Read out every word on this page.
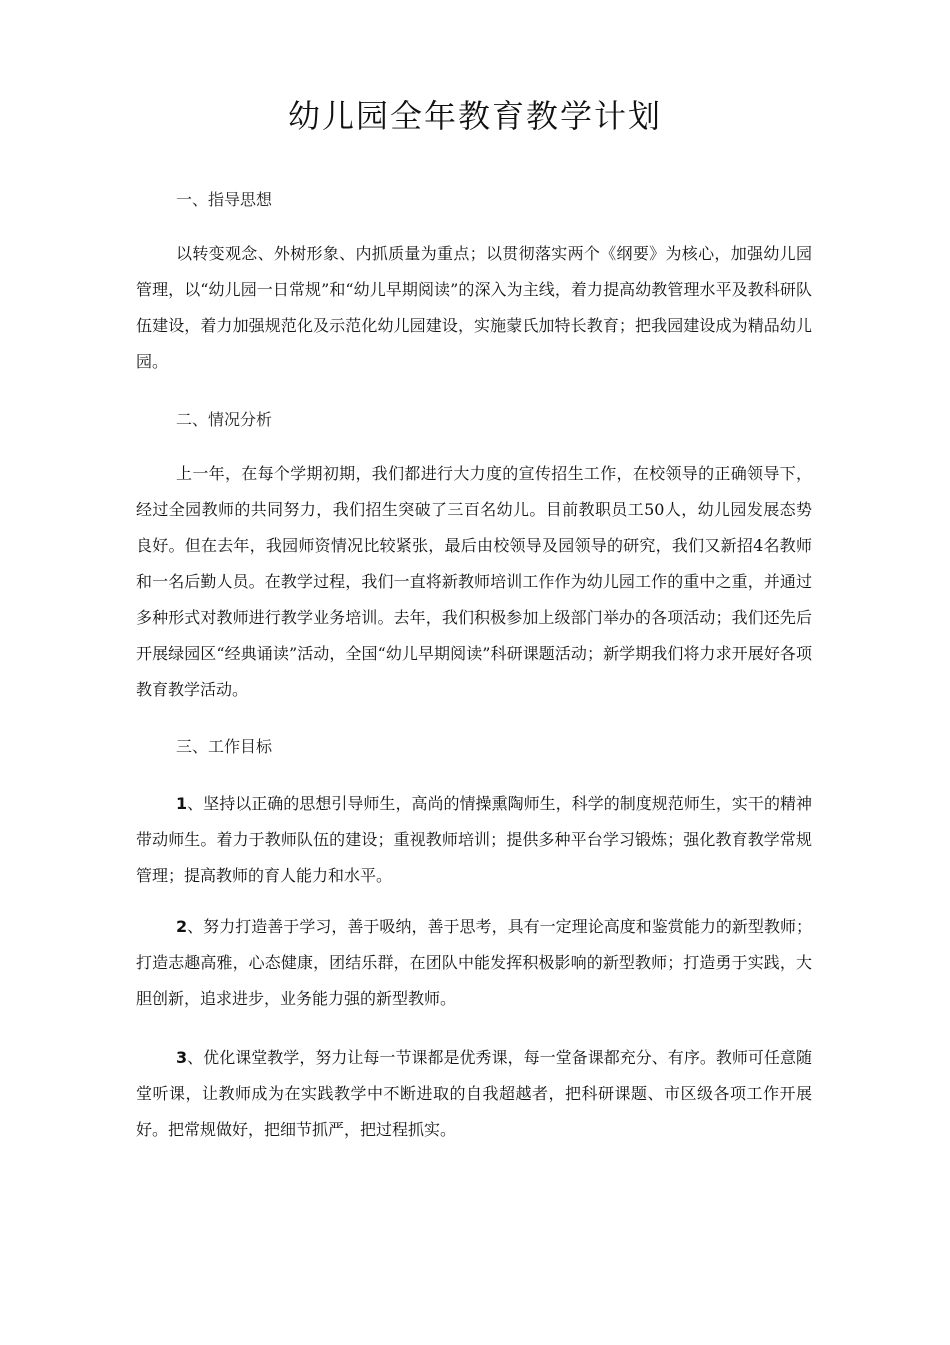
幼儿园全年教育教学计划
一、指导思想
以转变观念、外树形象、内抓质量为重点；以贯彻落实两个《纲要》为核心，加强幼儿园管理，以“幼儿园一日常规”和“幼儿早期阅读”的深入为主线，着力提高幼教管理水平及教科研队伍建设，着力加强规范化及示范化幼儿园建设，实施蒙氏加特长教育；把我园建设成为精品幼儿园。
二、情况分析
上一年，在每个学期初期，我们都进行大力度的宣传招生工作，在校领导的正确领导下，经过全园教师的共同努力，我们招生突破了三百名幼儿。目前教职员工50人，幼儿园发展态势良好。但在去年，我园师资情况比较紧张，最后由校领导及园领导的研究，我们又新招4名教师和一名后勤人员。在教学过程，我们一直将新教师培训工作作为幼儿园工作的重中之重，并通过多种形式对教师进行教学业务培训。去年，我们积极参加上级部门举办的各项活动；我们还先后开展绿园区“经典诵读”活动，全国“幼儿早期阅读”科研课题活动；新学期我们将力求开展好各项教育教学活动。
三、工作目标
1、坚持以正确的思想引导师生，高尚的情操熏陶师生，科学的制度规范师生，实干的精神带动师生。着力于教师队伍的建设；重视教师培训；提供多种平台学习锻炼；强化教育教学常规管理；提高教师的育人能力和水平。
2、努力打造善于学习，善于吸纳，善于思考，具有一定理论高度和鉴赏能力的新型教师；打造志趣高雅，心态健康，团结乐群，在团队中能发挥积极影响的新型教师；打造勇于实践，大胆创新，追求进步，业务能力强的新型教师。
3、优化课堂教学，努力让每一节课都是优秀课，每一堂备课都充分、有序。教师可任意随堂听课，让教师成为在实践教学中不断进取的自我超越者，把科研课题、市区级各项工作开展好。把常规做好，把细节抓严，把过程抓实。
